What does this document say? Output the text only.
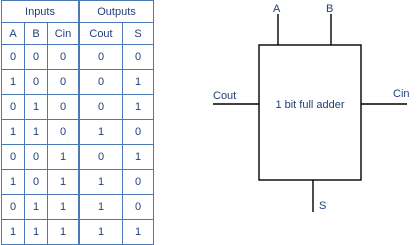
Inputs			Outputs	
A	B	Cin	Cout	S
0	0	0	0	0
1	0	0	0	1
0	1	0	0	1
1	1	0	1	0
0	0	1	0	1
1	0	1	1	0
0	1	1	1	0
1	1	1	1	1
A	B
Cout	Cin
S
1 bit full adder
